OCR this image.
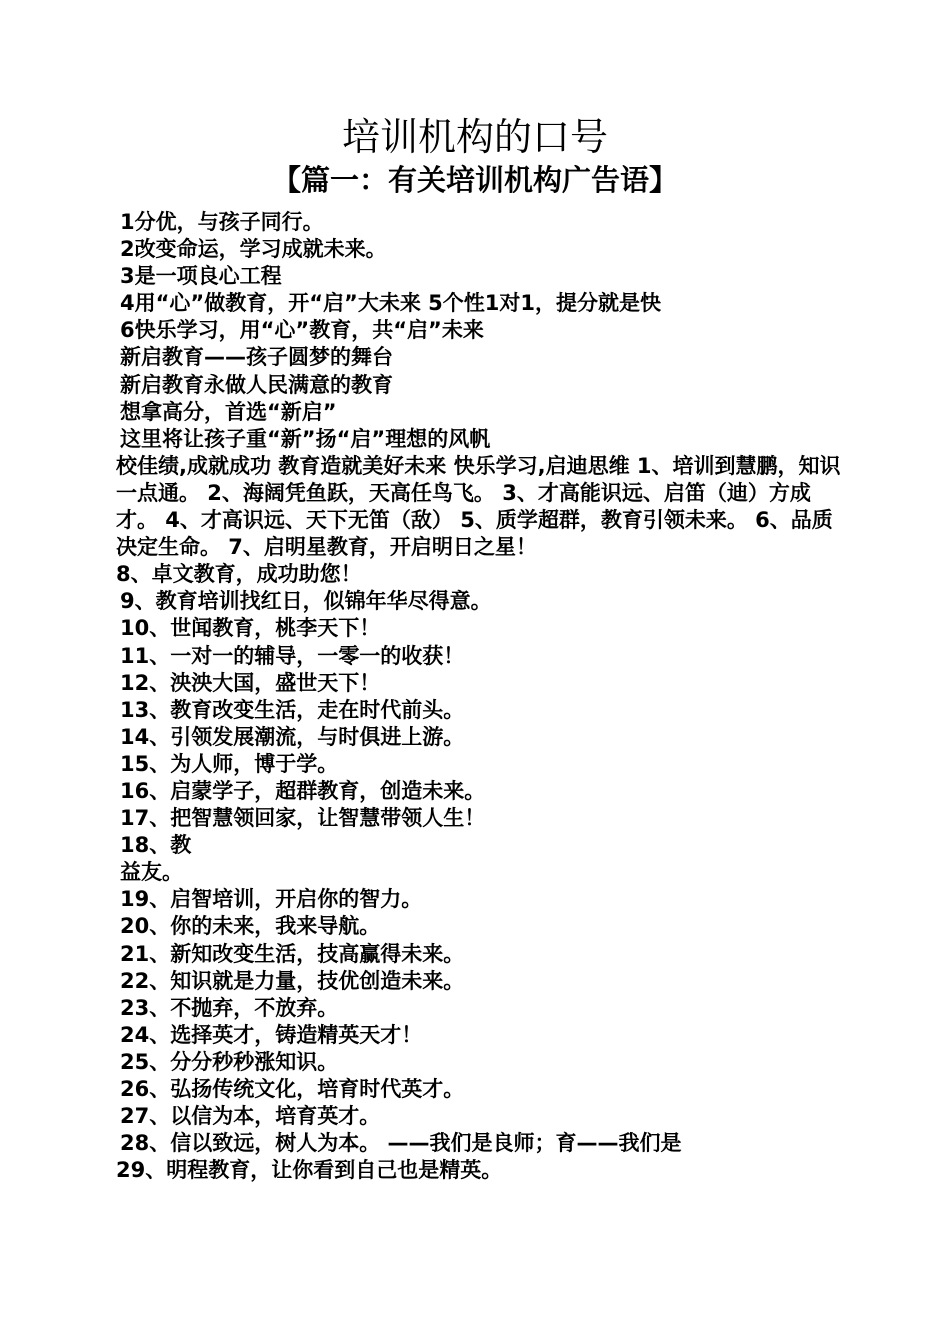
培训机构的口号
【篇一：有关培训机构广告语】
1分优，与孩子同行。
2改变命运，学习成就未来。
3是一项良心工程
4用“心”做教育，开“启”大未来 5个性1对1，提分就是快
6快乐学习，用“心”教育，共“启”未来
新启教育——孩子圆梦的舞台
新启教育永做人民满意的教育
想拿高分，首选“新启”
这里将让孩子重“新”扬“启”理想的风帆
校佳绩,成就成功 教育造就美好未来 快乐学习,启迪思维 1、培训到慧鹏，知识一点通。 2、海阔凭鱼跃，天高任鸟飞。 3、才高能识远、启笛（迪）方成才。 4、才高识远、天下无笛（敌） 5、质学超群，教育引领未来。 6、品质决定生命。 7、启明星教育，开启明日之星！
8、卓文教育，成功助您！
9、教育培训找红日，似锦年华尽得意。
10、世闻教育，桃李天下！
11、一对一的辅导，一零一的收获！
12、泱泱大国，盛世天下！
13、教育改变生活，走在时代前头。
14、引领发展潮流，与时俱进上游。
15、为人师，博于学。
16、启蒙学子，超群教育，创造未来。
17、把智慧领回家，让智慧带领人生！
18、教
益友。
19、启智培训，开启你的智力。
20、你的未来，我来导航。
21、新知改变生活，技高赢得未来。
22、知识就是力量，技优创造未来。
23、不抛弃，不放弃。
24、选择英才，铸造精英天才！
25、分分秒秒涨知识。
26、弘扬传统文化，培育时代英才。
27、以信为本，培育英才。
28、信以致远，树人为本。 ——我们是良师；育——我们是
29、明程教育，让你看到自己也是精英。
